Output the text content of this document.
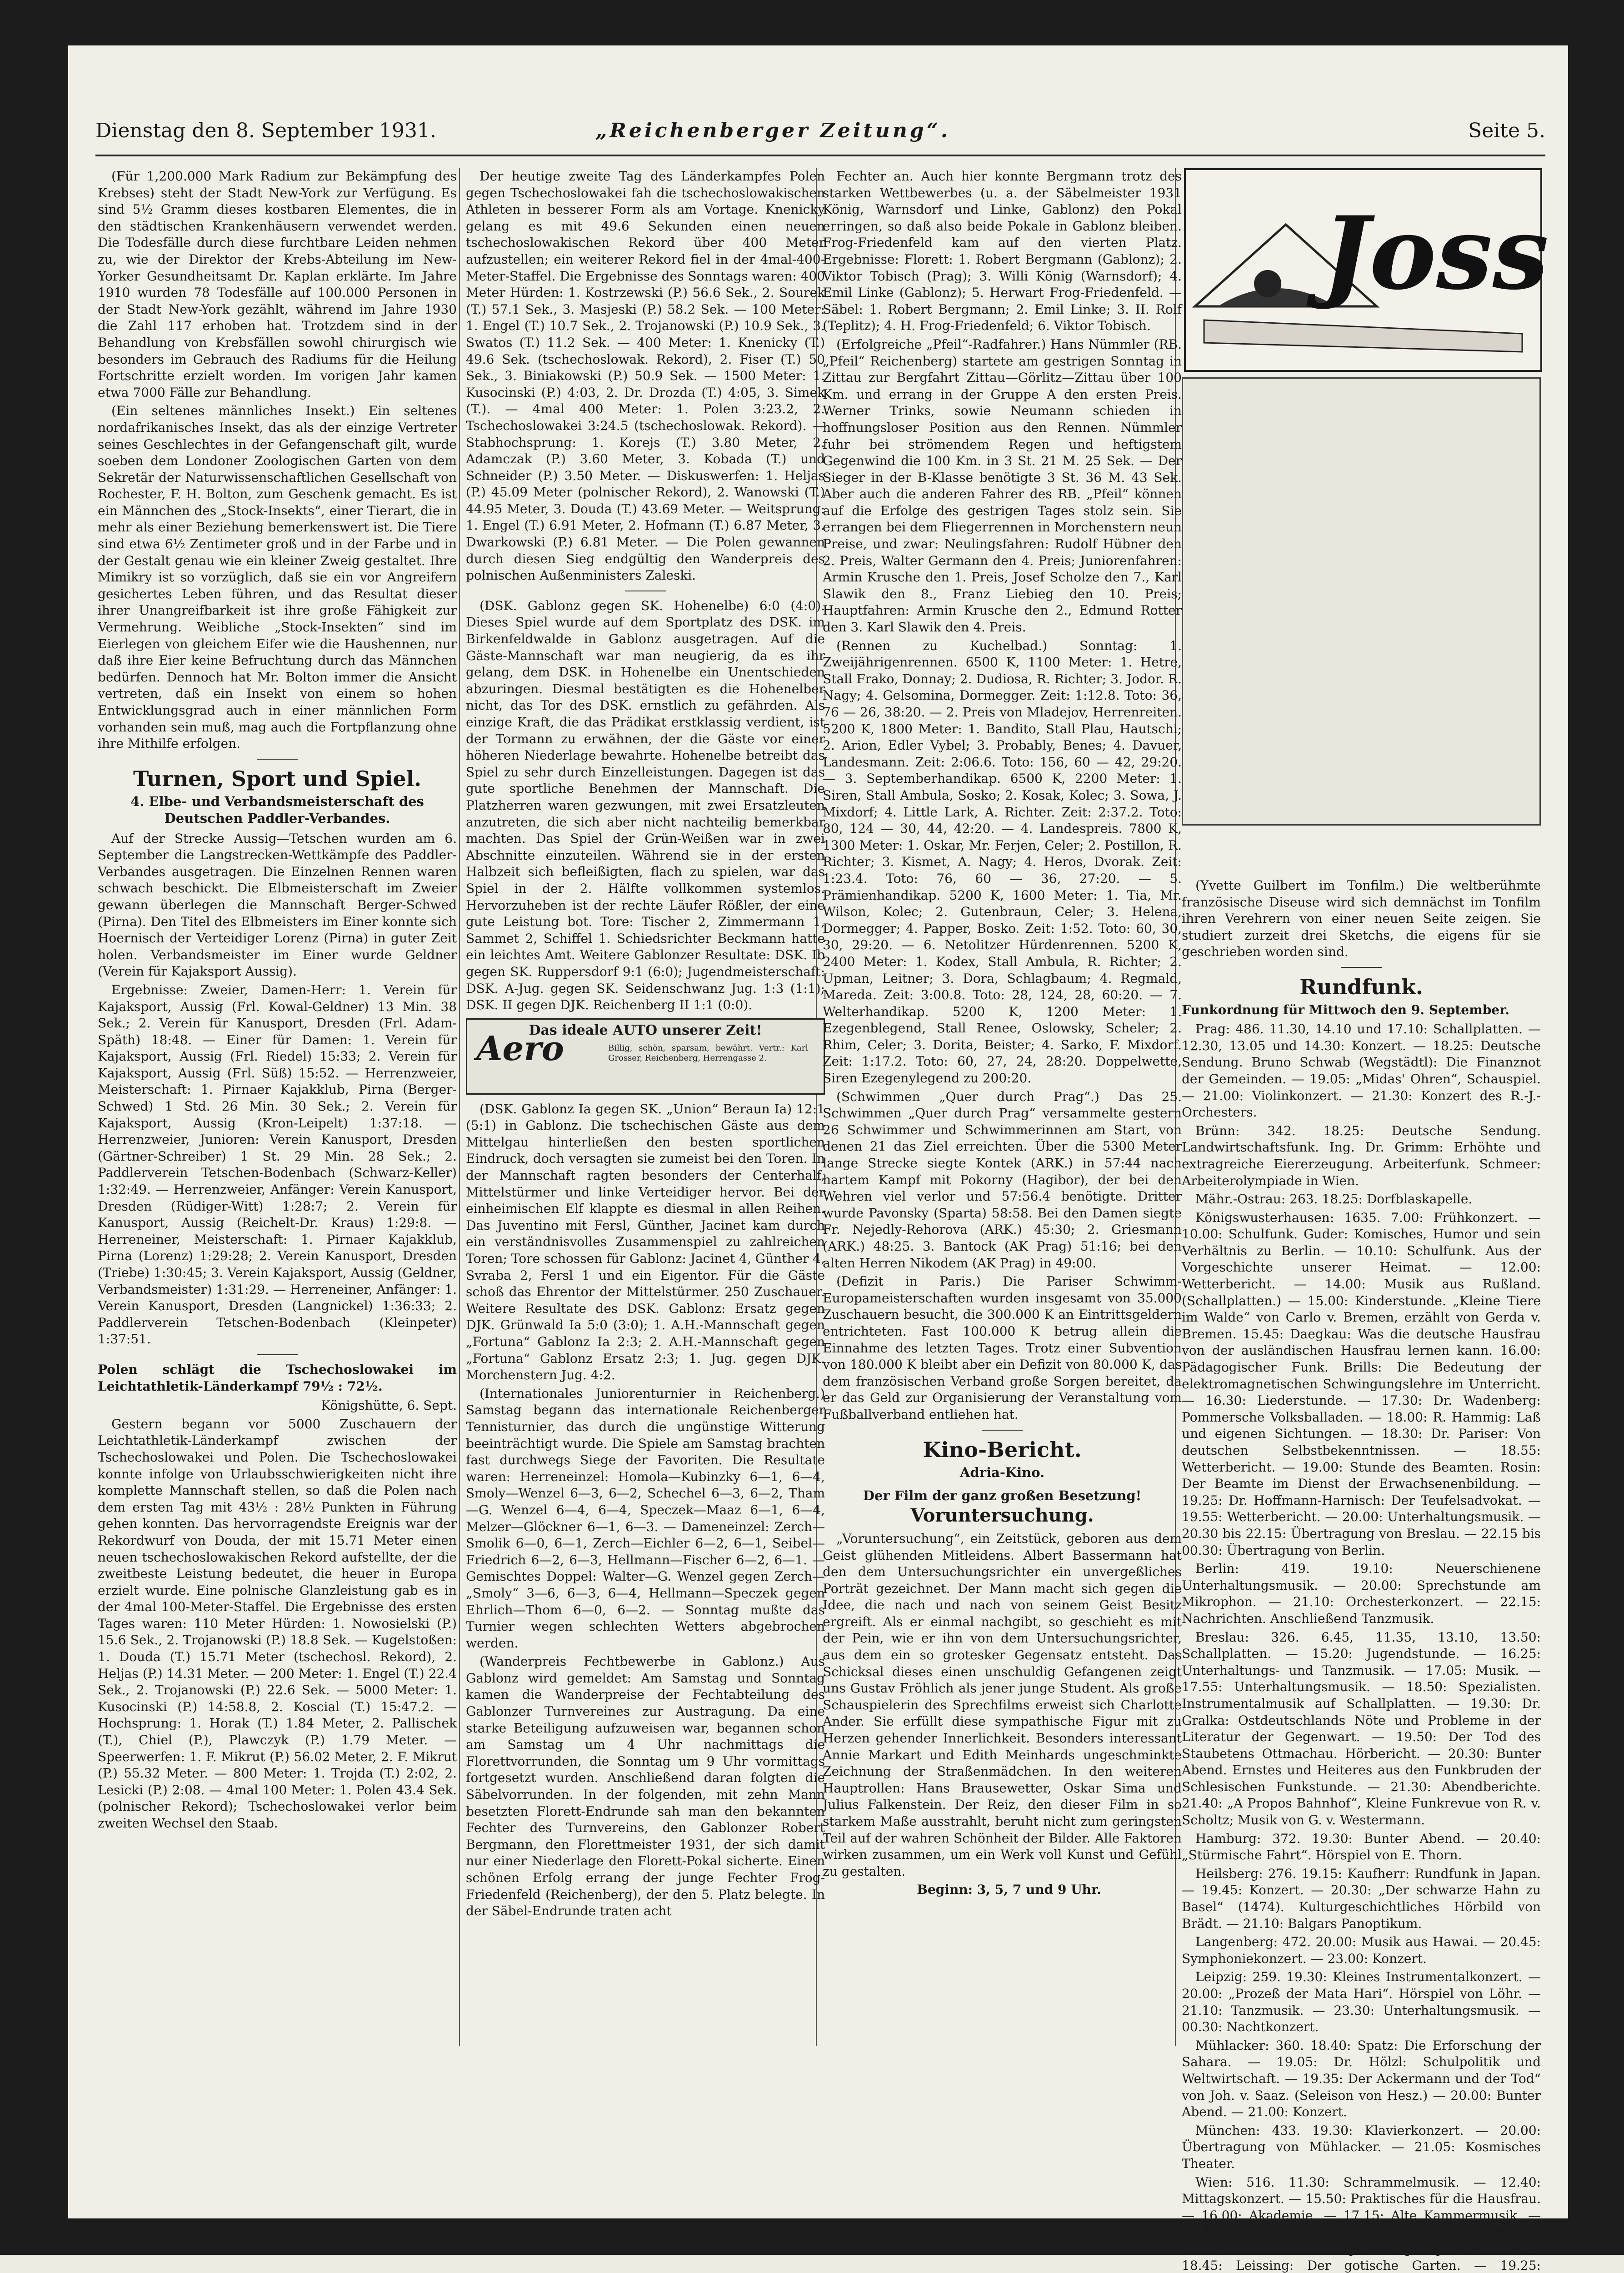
Dienstag den 8. September 1931.	„Reichenberger Zeitung“.	Seite 5.

(Für 1,200.000 Mark Radium zur Bekämpfung des Krebses) steht der Stadt New-York zur Verfügung. Es sind 5½ Gramm dieses kostbaren Elementes, die in den städtischen Krankenhäusern verwendet werden. Die Todesfälle durch diese furchtbare Leiden nehmen zu, wie der Direktor der Krebs-Abteilung im New-Yorker Gesundheitsamt Dr. Kaplan erklärte. Im Jahre 1910 wurden 78 Todesfälle auf 100.000 Personen in der Stadt New-York gezählt, während im Jahre 1930 die Zahl 117 erhoben hat. Trotzdem sind in der Behandlung von Krebsfällen sowohl chirurgisch wie besonders im Gebrauch des Radiums für die Heilung Fortschritte erzielt worden. Im vorigen Jahr kamen etwa 7000 Fälle zur Behandlung.

(Ein seltenes männliches Insekt.) Ein seltenes nordafrikanisches Insekt, das als der einzige Vertreter seines Geschlechtes in der Gefangenschaft gilt, wurde soeben dem Londoner Zoologischen Garten von dem Sekretär der Naturwissenschaftlichen Gesellschaft von Rochester, F. H. Bolton, zum Geschenk gemacht. Es ist ein Männchen des „Stock-Insekts“, einer Tierart, die in mehr als einer Beziehung bemerkenswert ist. Die Tiere sind etwa 6½ Zentimeter groß und in der Farbe und in der Gestalt genau wie ein kleiner Zweig gestaltet. Ihre Mimikry ist so vorzüglich, daß sie ein vor Angreifern gesichertes Leben führen, und das Resultat dieser ihrer Unangreifbarkeit ist ihre große Fähigkeit zur Vermehrung. Weibliche „Stock-Insekten“ sind im Eierlegen von gleichem Eifer wie die Haushennen, nur daß ihre Eier keine Befruchtung durch das Männchen bedürfen. Dennoch hat Mr. Bolton immer die Ansicht vertreten, daß ein Insekt von einem so hohen Entwicklungsgrad auch in einer männlichen Form vorhanden sein muß, mag auch die Fortpflanzung ohne ihre Mithilfe erfolgen.

Turnen, Sport und Spiel.
4. Elbe- und Verbandsmeisterschaft des Deutschen Paddler-Verbandes.

Auf der Strecke Aussig—Tetschen wurden am 6. September die Langstrecken-Wettkämpfe des Paddler-Verbandes ausgetragen. Die Einzelnen Rennen waren schwach beschickt. Die Elbmeisterschaft im Zweier gewann überlegen die Mannschaft Berger-Schwed (Pirna). Den Titel des Elbmeisters im Einer konnte sich Hoernisch der Verteidiger Lorenz (Pirna) in guter Zeit holen. Verbandsmeister im Einer wurde Geldner (Verein für Kajaksport Aussig).

Ergebnisse: Zweier, Damen-Herr: 1. Verein für Kajaksport, Aussig (Frl. Kowal-Geldner) 13 Min. 38 Sek.; 2. Verein für Kanusport, Dresden (Frl. Adam-Späth) 18:48. — Einer für Damen: 1. Verein für Kajaksport, Aussig (Frl. Riedel) 15:33; 2. Verein für Kajaksport, Aussig (Frl. Süß) 15:52. — Herrenzweier, Meisterschaft: 1. Pirnaer Kajakklub, Pirna (Berger-Schwed) 1 Std. 26 Min. 30 Sek.; 2. Verein für Kajaksport, Aussig (Kron-Leipelt) 1:37:18. — Herrenzweier, Junioren: Verein Kanusport, Dresden (Gärtner-Schreiber) 1 St. 29 Min. 28 Sek.; 2. Paddlerverein Tetschen-Bodenbach (Schwarz-Keller) 1:32:49. — Herrenzweier, Anfänger: Verein Kanusport, Dresden (Rüdiger-Witt) 1:28:7; 2. Verein für Kanusport, Aussig (Reichelt-Dr. Kraus) 1:29:8. — Herreneiner, Meisterschaft: 1. Pirnaer Kajakklub, Pirna (Lorenz) 1:29:28; 2. Verein Kanusport, Dresden (Triebe) 1:30:45; 3. Verein Kajaksport, Aussig (Geldner, Verbandsmeister) 1:31:29. — Herreneiner, Anfänger: 1. Verein Kanusport, Dresden (Langnickel) 1:36:33; 2. Paddlerverein Tetschen-Bodenbach (Kleinpeter) 1:37:51.

Polen schlägt die Tschechoslowakei im Leichtathletik-Länderkampf 79½ : 72½.

Königshütte, 6. Sept.

Gestern begann vor 5000 Zuschauern der Leichtathletik-Länderkampf zwischen der Tschechoslowakei und Polen. Die Tschechoslowakei konnte infolge von Urlaubsschwierigkeiten nicht ihre komplette Mannschaft stellen, so daß die Polen nach dem ersten Tag mit 43½ : 28½ Punkten in Führung gehen konnten. Das hervorragendste Ereignis war der Rekordwurf von Douda, der mit 15.71 Meter einen neuen tschechoslowakischen Rekord aufstellte, der die zweitbeste Leistung bedeutet, die heuer in Europa erzielt wurde. Eine polnische Glanzleistung gab es in der 4mal 100-Meter-Staffel. Die Ergebnisse des ersten Tages waren: 110 Meter Hürden: 1. Nowosielski (P.) 15.6 Sek., 2. Trojanowski (P.) 18.8 Sek. — Kugelstoßen: 1. Douda (T.) 15.71 Meter (tschechosl. Rekord), 2. Heljas (P.) 14.31 Meter. — 200 Meter: 1. Engel (T.) 22.4 Sek., 2. Trojanowski (P.) 22.6 Sek. — 5000 Meter: 1. Kusocinski (P.) 14:58.8, 2. Koscial (T.) 15:47.2. — Hochsprung: 1. Horak (T.) 1.84 Meter, 2. Pallischek (T.), Chiel (P.), Plawczyk (P.) 1.79 Meter. — Speerwerfen: 1. F. Mikrut (P.) 56.02 Meter, 2. F. Mikrut (P.) 55.32 Meter. — 800 Meter: 1. Trojda (T.) 2:02, 2. Lesicki (P.) 2:08. — 4mal 100 Meter: 1. Polen 43.4 Sek. (polnischer Rekord); Tschechoslowakei verlor beim zweiten Wechsel den Staab.

Der heutige zweite Tag des Länderkampfes Polen gegen Tschechoslowakei fah die tschechoslowakischen Athleten in besserer Form als am Vortage. Knenicky gelang es mit 49.6 Sekunden einen neuen tschechoslowakischen Rekord über 400 Meter aufzustellen; ein weiterer Rekord fiel in der 4mal-400-Meter-Staffel. Die Ergebnisse des Sonntags waren: 400 Meter Hürden: 1. Kostrzewski (P.) 56.6 Sek., 2. Sourek (T.) 57.1 Sek., 3. Masjeski (P.) 58.2 Sek. — 100 Meter: 1. Engel (T.) 10.7 Sek., 2. Trojanowski (P.) 10.9 Sek., 3. Swatos (T.) 11.2 Sek. — 400 Meter: 1. Knenicky (T.) 49.6 Sek. (tschechoslowak. Rekord), 2. Fiser (T.) 50 Sek., 3. Biniakowski (P.) 50.9 Sek. — 1500 Meter: 1. Kusocinski (P.) 4:03, 2. Dr. Drozda (T.) 4:05, 3. Simek (T.). — 4mal 400 Meter: 1. Polen 3:23.2, 2. Tschechoslowakei 3:24.5 (tschechoslowak. Rekord). — Stabhochsprung: 1. Korejs (T.) 3.80 Meter, 2. Adamczak (P.) 3.60 Meter, 3. Kobada (T.) und Schneider (P.) 3.50 Meter. — Diskuswerfen: 1. Heljas (P.) 45.09 Meter (polnischer Rekord), 2. Wanowski (T.) 44.95 Meter, 3. Douda (T.) 43.69 Meter. — Weitsprung: 1. Engel (T.) 6.91 Meter, 2. Hofmann (T.) 6.87 Meter, 3. Dwarkowski (P.) 6.81 Meter. — Die Polen gewannen durch diesen Sieg endgültig den Wanderpreis des polnischen Außenministers Zaleski.

(DSK. Gablonz gegen SK. Hohenelbe) 6:0 (4:0). Dieses Spiel wurde auf dem Sportplatz des DSK. im Birkenfeldwalde in Gablonz ausgetragen. Auf die Gäste-Mannschaft war man neugierig, da es ihr gelang, dem DSK. in Hohenelbe ein Unentschieden abzuringen. Diesmal bestätigten es die Hohenelber nicht, das Tor des DSK. ernstlich zu gefährden. Als einzige Kraft, die das Prädikat erstklassig verdient, ist der Tormann zu erwähnen, der die Gäste vor einer höheren Niederlage bewahrte. Hohenelbe betreibt das Spiel zu sehr durch Einzelleistungen. Dagegen ist das gute sportliche Benehmen der Mannschaft. Die Platzherren waren gezwungen, mit zwei Ersatzleuten anzutreten, die sich aber nicht nachteilig bemerkbar machten. Das Spiel der Grün-Weißen war in zwei Abschnitte einzuteilen. Während sie in der ersten Halbzeit sich befleißigten, flach zu spielen, war das Spiel in der 2. Hälfte vollkommen systemlos. Hervorzuheben ist der rechte Läufer Rößler, der eine gute Leistung bot. Tore: Tischer 2, Zimmermann 1, Sammet 2, Schiffel 1. Schiedsrichter Beckmann hatte ein leichtes Amt. Weitere Gablonzer Resultate: DSK. Ib gegen SK. Ruppersdorf 9:1 (6:0); Jugendmeisterschaft: DSK. A-Jug. gegen SK. Seidenschwanz Jug. 1:3 (1:1); DSK. II gegen DJK. Reichenberg II 1:1 (0:0).

Das ideale AUTO unserer Zeit!
Aero	Billig, schön, sparsam, bewährt. Vertr.: Karl Grosser, Reichenberg, Herrengasse 2.

(DSK. Gablonz Ia gegen SK. „Union“ Beraun Ia) 12:1 (5:1) in Gablonz. Die tschechischen Gäste aus dem Mittelgau hinterließen den besten sportlichen Eindruck, doch versagten sie zumeist bei den Toren. In der Mannschaft ragten besonders der Centerhalf, Mittelstürmer und linke Verteidiger hervor. Bei der einheimischen Elf klappte es diesmal in allen Reihen. Das Juventino mit Fersl, Günther, Jacinet kam durch ein verständnisvolles Zusammenspiel zu zahlreichen Toren; Tore schossen für Gablonz: Jacinet 4, Günther 4, Svraba 2, Fersl 1 und ein Eigentor. Für die Gäste schoß das Ehrentor der Mittelstürmer. 250 Zuschauer. Weitere Resultate des DSK. Gablonz: Ersatz gegen DJK. Grünwald Ia 5:0 (3:0); 1. A.H.-Mannschaft gegen „Fortuna“ Gablonz Ia 2:3; 2. A.H.-Mannschaft gegen „Fortuna“ Gablonz Ersatz 2:3; 1. Jug. gegen DJK. Morchenstern Jug. 4:2.

(Internationales Juniorenturnier in Reichenberg.) Samstag begann das internationale Reichenberger Tennisturnier, das durch die ungünstige Witterung beeinträchtigt wurde. Die Spiele am Samstag brachten fast durchwegs Siege der Favoriten. Die Resultate waren: Herreneinzel: Homola—Kubinzky 6—1, 6—4, Smoly—Wenzel 6—3, 6—2, Schechel 6—3, 6—2, Tham—G. Wenzel 6—4, 6—4, Speczek—Maaz 6—1, 6—4, Melzer—Glöckner 6—1, 6—3. — Dameneinzel: Zerch—Smolik 6—0, 6—1, Zerch—Eichler 6—2, 6—1, Seibel—Friedrich 6—2, 6—3, Hellmann—Fischer 6—2, 6—1. — Gemischtes Doppel: Walter—G. Wenzel gegen Zerch—„Smoly“ 3—6, 6—3, 6—4, Hellmann—Speczek gegen Ehrlich—Thom 6—0, 6—2. — Sonntag mußte das Turnier wegen schlechten Wetters abgebrochen werden.

(Wanderpreis Fechtbewerbe in Gablonz.) Aus Gablonz wird gemeldet: Am Samstag und Sonntag kamen die Wanderpreise der Fechtabteilung des Gablonzer Turnvereines zur Austragung. Da eine starke Beteiligung aufzuweisen war, begannen schon am Samstag um 4 Uhr nachmittags die Florettvorrunden, die Sonntag um 9 Uhr vormittags fortgesetzt wurden. Anschließend daran folgten die Säbelvorrunden. In der folgenden, mit zehn Mann besetzten Florett-Endrunde sah man den bekannten Fechter des Turnvereins, den Gablonzer Robert Bergmann, den Florettmeister 1931, der sich damit nur einer Niederlage den Florett-Pokal sicherte. Einen schönen Erfolg errang der junge Fechter Frog-Friedenfeld (Reichenberg), der den 5. Platz belegte. In der Säbel-Endrunde traten acht

Fechter an. Auch hier konnte Bergmann trotz des starken Wettbewerbes (u. a. der Säbelmeister 1931 König, Warnsdorf und Linke, Gablonz) den Pokal erringen, so daß also beide Pokale in Gablonz bleiben. Frog-Friedenfeld kam auf den vierten Platz. Ergebnisse: Florett: 1. Robert Bergmann (Gablonz); 2. Viktor Tobisch (Prag); 3. Willi König (Warnsdorf); 4. Emil Linke (Gablonz); 5. Herwart Frog-Friedenfeld. — Säbel: 1. Robert Bergmann; 2. Emil Linke; 3. II. Rolf (Teplitz); 4. H. Frog-Friedenfeld; 6. Viktor Tobisch.

(Erfolgreiche „Pfeil“-Radfahrer.) Hans Nümmler (RB. „Pfeil“ Reichenberg) startete am gestrigen Sonntag in Zittau zur Bergfahrt Zittau—Görlitz—Zittau über 100 Km. und errang in der Gruppe A den ersten Preis. Werner Trinks, sowie Neumann schieden in hoffnungsloser Position aus den Rennen. Nümmler fuhr bei strömendem Regen und heftigstem Gegenwind die 100 Km. in 3 St. 21 M. 25 Sek. — Der Sieger in der B-Klasse benötigte 3 St. 36 M. 43 Sek. Aber auch die anderen Fahrer des RB. „Pfeil“ können auf die Erfolge des gestrigen Tages stolz sein. Sie errangen bei dem Fliegerrennen in Morchenstern neun Preise, und zwar: Neulingsfahren: Rudolf Hübner den 2. Preis, Walter Germann den 4. Preis; Juniorenfahren: Armin Krusche den 1. Preis, Josef Scholze den 7., Karl Slawik den 8., Franz Liebieg den 10. Preis; Hauptfahren: Armin Krusche den 2., Edmund Rotter den 3. Karl Slawik den 4. Preis.

(Rennen zu Kuchelbad.) Sonntag: 1. Zweijährigenrennen. 6500 K, 1100 Meter: 1. Hetre, Stall Frako, Donnay; 2. Dudiosa, R. Richter; 3. Jodor. R. Nagy; 4. Gelsomina, Dormegger. Zeit: 1:12.8. Toto: 36, 76 — 26, 38:20. — 2. Preis von Mladejov, Herrenreiten. 5200 K, 1800 Meter: 1. Bandito, Stall Plau, Hautschi; 2. Arion, Edler Vybel; 3. Probably, Benes; 4. Davuer, Landesmann. Zeit: 2:06.6. Toto: 156, 60 — 42, 29:20. — 3. Septemberhandikap. 6500 K, 2200 Meter: 1. Siren, Stall Ambula, Sosko; 2. Kosak, Kolec; 3. Sowa, J. Mixdorf; 4. Little Lark, A. Richter. Zeit: 2:37.2. Toto: 80, 124 — 30, 44, 42:20. — 4. Landespreis. 7800 K, 1300 Meter: 1. Oskar, Mr. Ferjen, Celer; 2. Postillon, R. Richter; 3. Kismet, A. Nagy; 4. Heros, Dvorak. Zeit: 1:23.4. Toto: 76, 60 — 36, 27:20. — 5. Prämienhandikap. 5200 K, 1600 Meter: 1. Tia, Mr. Wilson, Kolec; 2. Gutenbraun, Celer; 3. Helena, Dormegger; 4. Papper, Bosko. Zeit: 1:52. Toto: 60, 30, 30, 29:20. — 6. Netolitzer Hürdenrennen. 5200 K, 2400 Meter: 1. Kodex, Stall Ambula, R. Richter; 2. Upman, Leitner; 3. Dora, Schlagbaum; 4. Regmald, Mareda. Zeit: 3:00.8. Toto: 28, 124, 28, 60:20. — 7. Welterhandikap. 5200 K, 1200 Meter: 1. Ezegenblegend, Stall Renee, Oslowsky, Scheler; 2. Rhim, Celer; 3. Dorita, Beister; 4. Sarko, F. Mixdorf. Zeit: 1:17.2. Toto: 60, 27, 24, 28:20. Doppelwette, Siren Ezegenylegend zu 200:20.

(Schwimmen „Quer durch Prag“.) Das 25. Schwimmen „Quer durch Prag“ versammelte gestern 26 Schwimmer und Schwimmerinnen am Start, von denen 21 das Ziel erreichten. Über die 5300 Meter lange Strecke siegte Kontek (ARK.) in 57:44 nach hartem Kampf mit Pokorny (Hagibor), der bei den Wehren viel verlor und 57:56.4 benötigte. Dritter wurde Pavonsky (Sparta) 58:58. Bei den Damen siegte Fr. Nejedly-Rehorova (ARK.) 45:30; 2. Griesmann (ARK.) 48:25. 3. Bantock (AK Prag) 51:16; bei den alten Herren Nikodem (AK Prag) in 49:00.

(Defizit in Paris.) Die Pariser Schwimm-Europameisterschaften wurden insgesamt von 35.000 Zuschauern besucht, die 300.000 K an Eintrittsgeldern entrichteten. Fast 100.000 K betrug allein die Einnahme des letzten Tages. Trotz einer Subvention von 180.000 K bleibt aber ein Defizit von 80.000 K, das dem französischen Verband große Sorgen bereitet, da er das Geld zur Organisierung der Veranstaltung vom Fußballverband entliehen hat.

Kino-Bericht.
Adria-Kino.
Der Film der ganz großen Besetzung!
Voruntersuchung.

„Voruntersuchung“, ein Zeitstück, geboren aus dem Geist glühenden Mitleidens. Albert Bassermann hat den dem Untersuchungsrichter ein unvergeßliches Porträt gezeichnet. Der Mann macht sich gegen die Idee, die nach und nach von seinem Geist Besitz ergreift. Als er einmal nachgibt, so geschieht es mit der Pein, wie er ihn von dem Untersuchungsrichter, aus dem ein so grotesker Gegensatz entsteht. Das Schicksal dieses einen unschuldig Gefangenen zeigt uns Gustav Fröhlich als jener junge Student. Als große Schauspielerin des Sprechfilms erweist sich Charlotte Ander. Sie erfüllt diese sympathische Figur mit zu Herzen gehender Innerlichkeit. Besonders interessant Annie Markart und Edith Meinhards ungeschminkte Zeichnung der Straßenmädchen. In den weiteren Hauptrollen: Hans Brausewetter, Oskar Sima und Julius Falkenstein. Der Reiz, den dieser Film in so starkem Maße ausstrahlt, beruht nicht zum geringsten Teil auf der wahren Schönheit der Bilder. Alle Faktoren wirken zusammen, um ein Werk voll Kunst und Gefühl zu gestalten.

Beginn: 3, 5, 7 und 9 Uhr.

Joss

(Yvette Guilbert im Tonfilm.) Die weltberühmte französische Diseuse wird sich demnächst im Tonfilm ihren Verehrern von einer neuen Seite zeigen. Sie studiert zurzeit drei Sketchs, die eigens für sie geschrieben worden sind.

Rundfunk.
Funkordnung für Mittwoch den 9. September.

Prag: 486. 11.30, 14.10 und 17.10: Schallplatten. — 12.30, 13.05 und 14.30: Konzert. — 18.25: Deutsche Sendung. Bruno Schwab (Wegstädtl): Die Finanznot der Gemeinden. — 19.05: „Midas' Ohren“, Schauspiel. — 21.00: Violinkonzert. — 21.30: Konzert des R.-J.-Orchesters.

Brünn: 342. 18.25: Deutsche Sendung. Landwirtschaftsfunk. Ing. Dr. Grimm: Erhöhte und extragreiche Eiererzeugung. Arbeiterfunk. Schmeer: Arbeiterolympiade in Wien.

Mähr.-Ostrau: 263. 18.25: Dorfblaskapelle.

Königswusterhausen: 1635. 7.00: Frühkonzert. — 10.00: Schulfunk. Guder: Komisches, Humor und sein Verhältnis zu Berlin. — 10.10: Schulfunk. Aus der Vorgeschichte unserer Heimat. — 12.00: Wetterbericht. — 14.00: Musik aus Rußland. (Schallplatten.) — 15.00: Kinderstunde. „Kleine Tiere im Walde“ von Carlo v. Bremen, erzählt von Gerda v. Bremen. 15.45: Daegkau: Was die deutsche Hausfrau von der ausländischen Hausfrau lernen kann. 16.00: Pädagogischer Funk. Brills: Die Bedeutung der elektromagnetischen Schwingungslehre im Unterricht. — 16.30: Liederstunde. — 17.30: Dr. Wadenberg: Pommersche Volksballaden. — 18.00: R. Hammig: Laß und eigenen Sichtungen. — 18.30: Dr. Pariser: Von deutschen Selbstbekenntnissen. — 18.55: Wetterbericht. — 19.00: Stunde des Beamten. Rosin: Der Beamte im Dienst der Erwachsenenbildung. — 19.25: Dr. Hoffmann-Harnisch: Der Teufelsadvokat. — 19.55: Wetterbericht. — 20.00: Unterhaltungsmusik. — 20.30 bis 22.15: Übertragung von Breslau. — 22.15 bis 00.30: Übertragung von Berlin.

Berlin: 419. 19.10: Neuerschienene Unterhaltungsmusik. — 20.00: Sprechstunde am Mikrophon. — 21.10: Orchesterkonzert. — 22.15: Nachrichten. Anschließend Tanzmusik.

Breslau: 326. 6.45, 11.35, 13.10, 13.50: Schallplatten. — 15.20: Jugendstunde. — 16.25: Unterhaltungs- und Tanzmusik. — 17.05: Musik. — 17.55: Unterhaltungsmusik. — 18.50: Spezialisten. Instrumentalmusik auf Schallplatten. — 19.30: Dr. Gralka: Ostdeutschlands Nöte und Probleme in der Literatur der Gegenwart. — 19.50: Der Tod des Staubetens Ottmachau. Hörbericht. — 20.30: Bunter Abend. Ernstes und Heiteres aus den Funkbruden der Schlesischen Funkstunde. — 21.30: Abendberichte. 21.40: „A Propos Bahnhof“, Kleine Funkrevue von R. v. Scholtz; Musik von G. v. Westermann.

Hamburg: 372. 19.30: Bunter Abend. — 20.40: „Stürmische Fahrt“. Hörspiel von E. Thorn.

Heilsberg: 276. 19.15: Kaufherr: Rundfunk in Japan. — 19.45: Konzert. — 20.30: „Der schwarze Hahn zu Basel“ (1474). Kulturgeschichtliches Hörbild von Brädt. — 21.10: Balgars Panoptikum.

Langenberg: 472. 20.00: Musik aus Hawai. — 20.45: Symphoniekonzert. — 23.00: Konzert.

Leipzig: 259. 19.30: Kleines Instrumentalkonzert. — 20.00: „Prozeß der Mata Hari“. Hörspiel von Löhr. — 21.10: Tanzmusik. — 23.30: Unterhaltungsmusik. — 00.30: Nachtkonzert.

Mühlacker: 360. 18.40: Spatz: Die Erforschung der Sahara. — 19.05: Dr. Hölzl: Schulpolitik und Weltwirtschaft. — 19.35: Der Ackermann und der Tod“ von Joh. v. Saaz. (Seleison von Hesz.) — 20.00: Bunter Abend. — 21.00: Konzert.

München: 433. 19.30: Klavierkonzert. — 20.00: Übertragung von Mühlacker. — 21.05: Kosmisches Theater.

Wien: 516. 11.30: Schrammelmusik. — 12.40: Mittagskonzert. — 15.50: Praktisches für die Hausfrau. — 16.00: Akademie. — 17.15: Alte Kammermusik. — 17.45: Sommer in Österreich. Herndl: Mühlviertel. — 18.15: Dr. Koch: Schädlingsbekämpfung im Herbste. — 18.45: Leissing: Der gotische Garten. — 19.25:
